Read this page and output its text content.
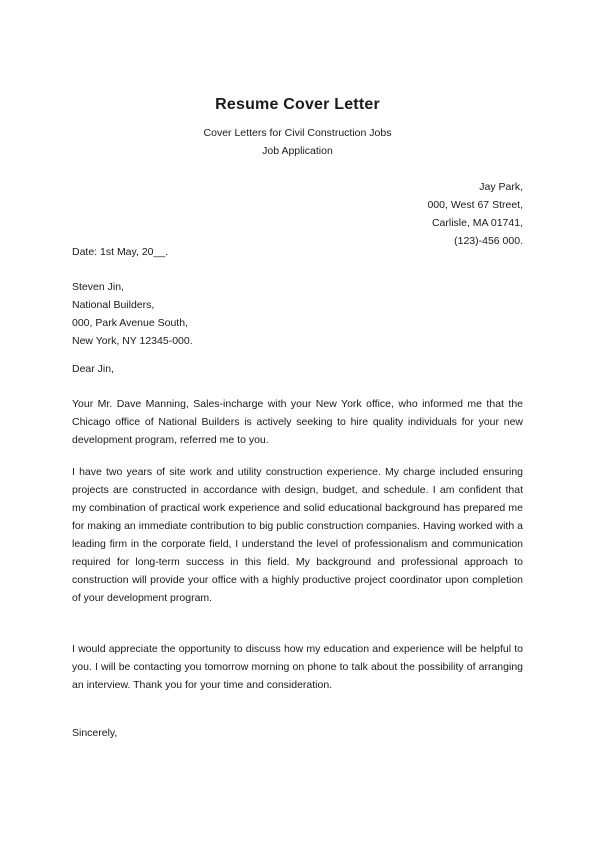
Resume Cover Letter
Cover Letters for Civil Construction Jobs
Job Application
Jay Park,
000, West 67 Street,
Carlisle, MA 01741,
(123)-456 000.
Date: 1st May, 20__.
Steven Jin,
National Builders,
000, Park Avenue South,
New York, NY 12345-000.
Dear Jin,
Your Mr. Dave Manning, Sales-incharge with your New York office, who informed me that the Chicago office of National Builders is actively seeking to hire quality individuals for your new development program, referred me to you.
I have two years of site work and utility construction experience. My charge included ensuring projects are constructed in accordance with design, budget, and schedule. I am confident that my combination of practical work experience and solid educational background has prepared me for making an immediate contribution to big public construction companies. Having worked with a leading firm in the corporate field, I understand the level of professionalism and communication required for long-term success in this field. My background and professional approach to construction will provide your office with a highly productive project coordinator upon completion of your development program.
I would appreciate the opportunity to discuss how my education and experience will be helpful to you. I will be contacting you tomorrow morning on phone to talk about the possibility of arranging an interview. Thank you for your time and consideration.
Sincerely,
